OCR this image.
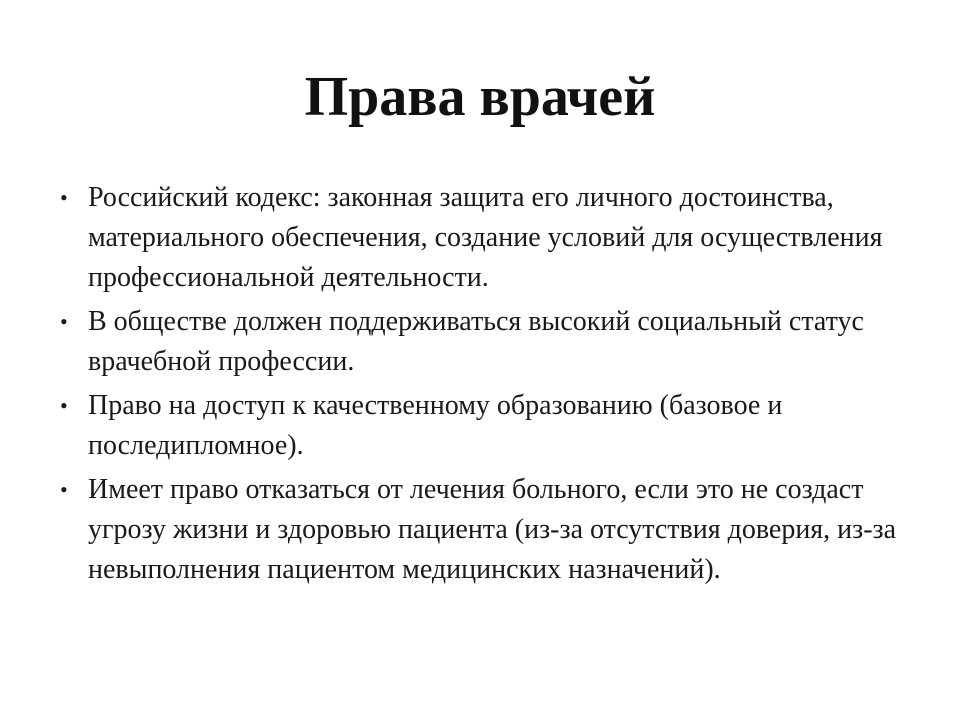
Права врачей
• Российский кодекс: законная защита его личного достоинства, материального обеспечения, создание условий для осуществления профессиональной деятельности.
• В обществе должен поддерживаться высокий социальный статус врачебной профессии.
• Право на доступ к качественному образованию (базовое и последипломное).
• Имеет право отказаться от лечения больного, если это не создаст угрозу жизни и здоровью пациента (из-за отсутствия доверия, из-за невыполнения пациентом медицинских назначений).
